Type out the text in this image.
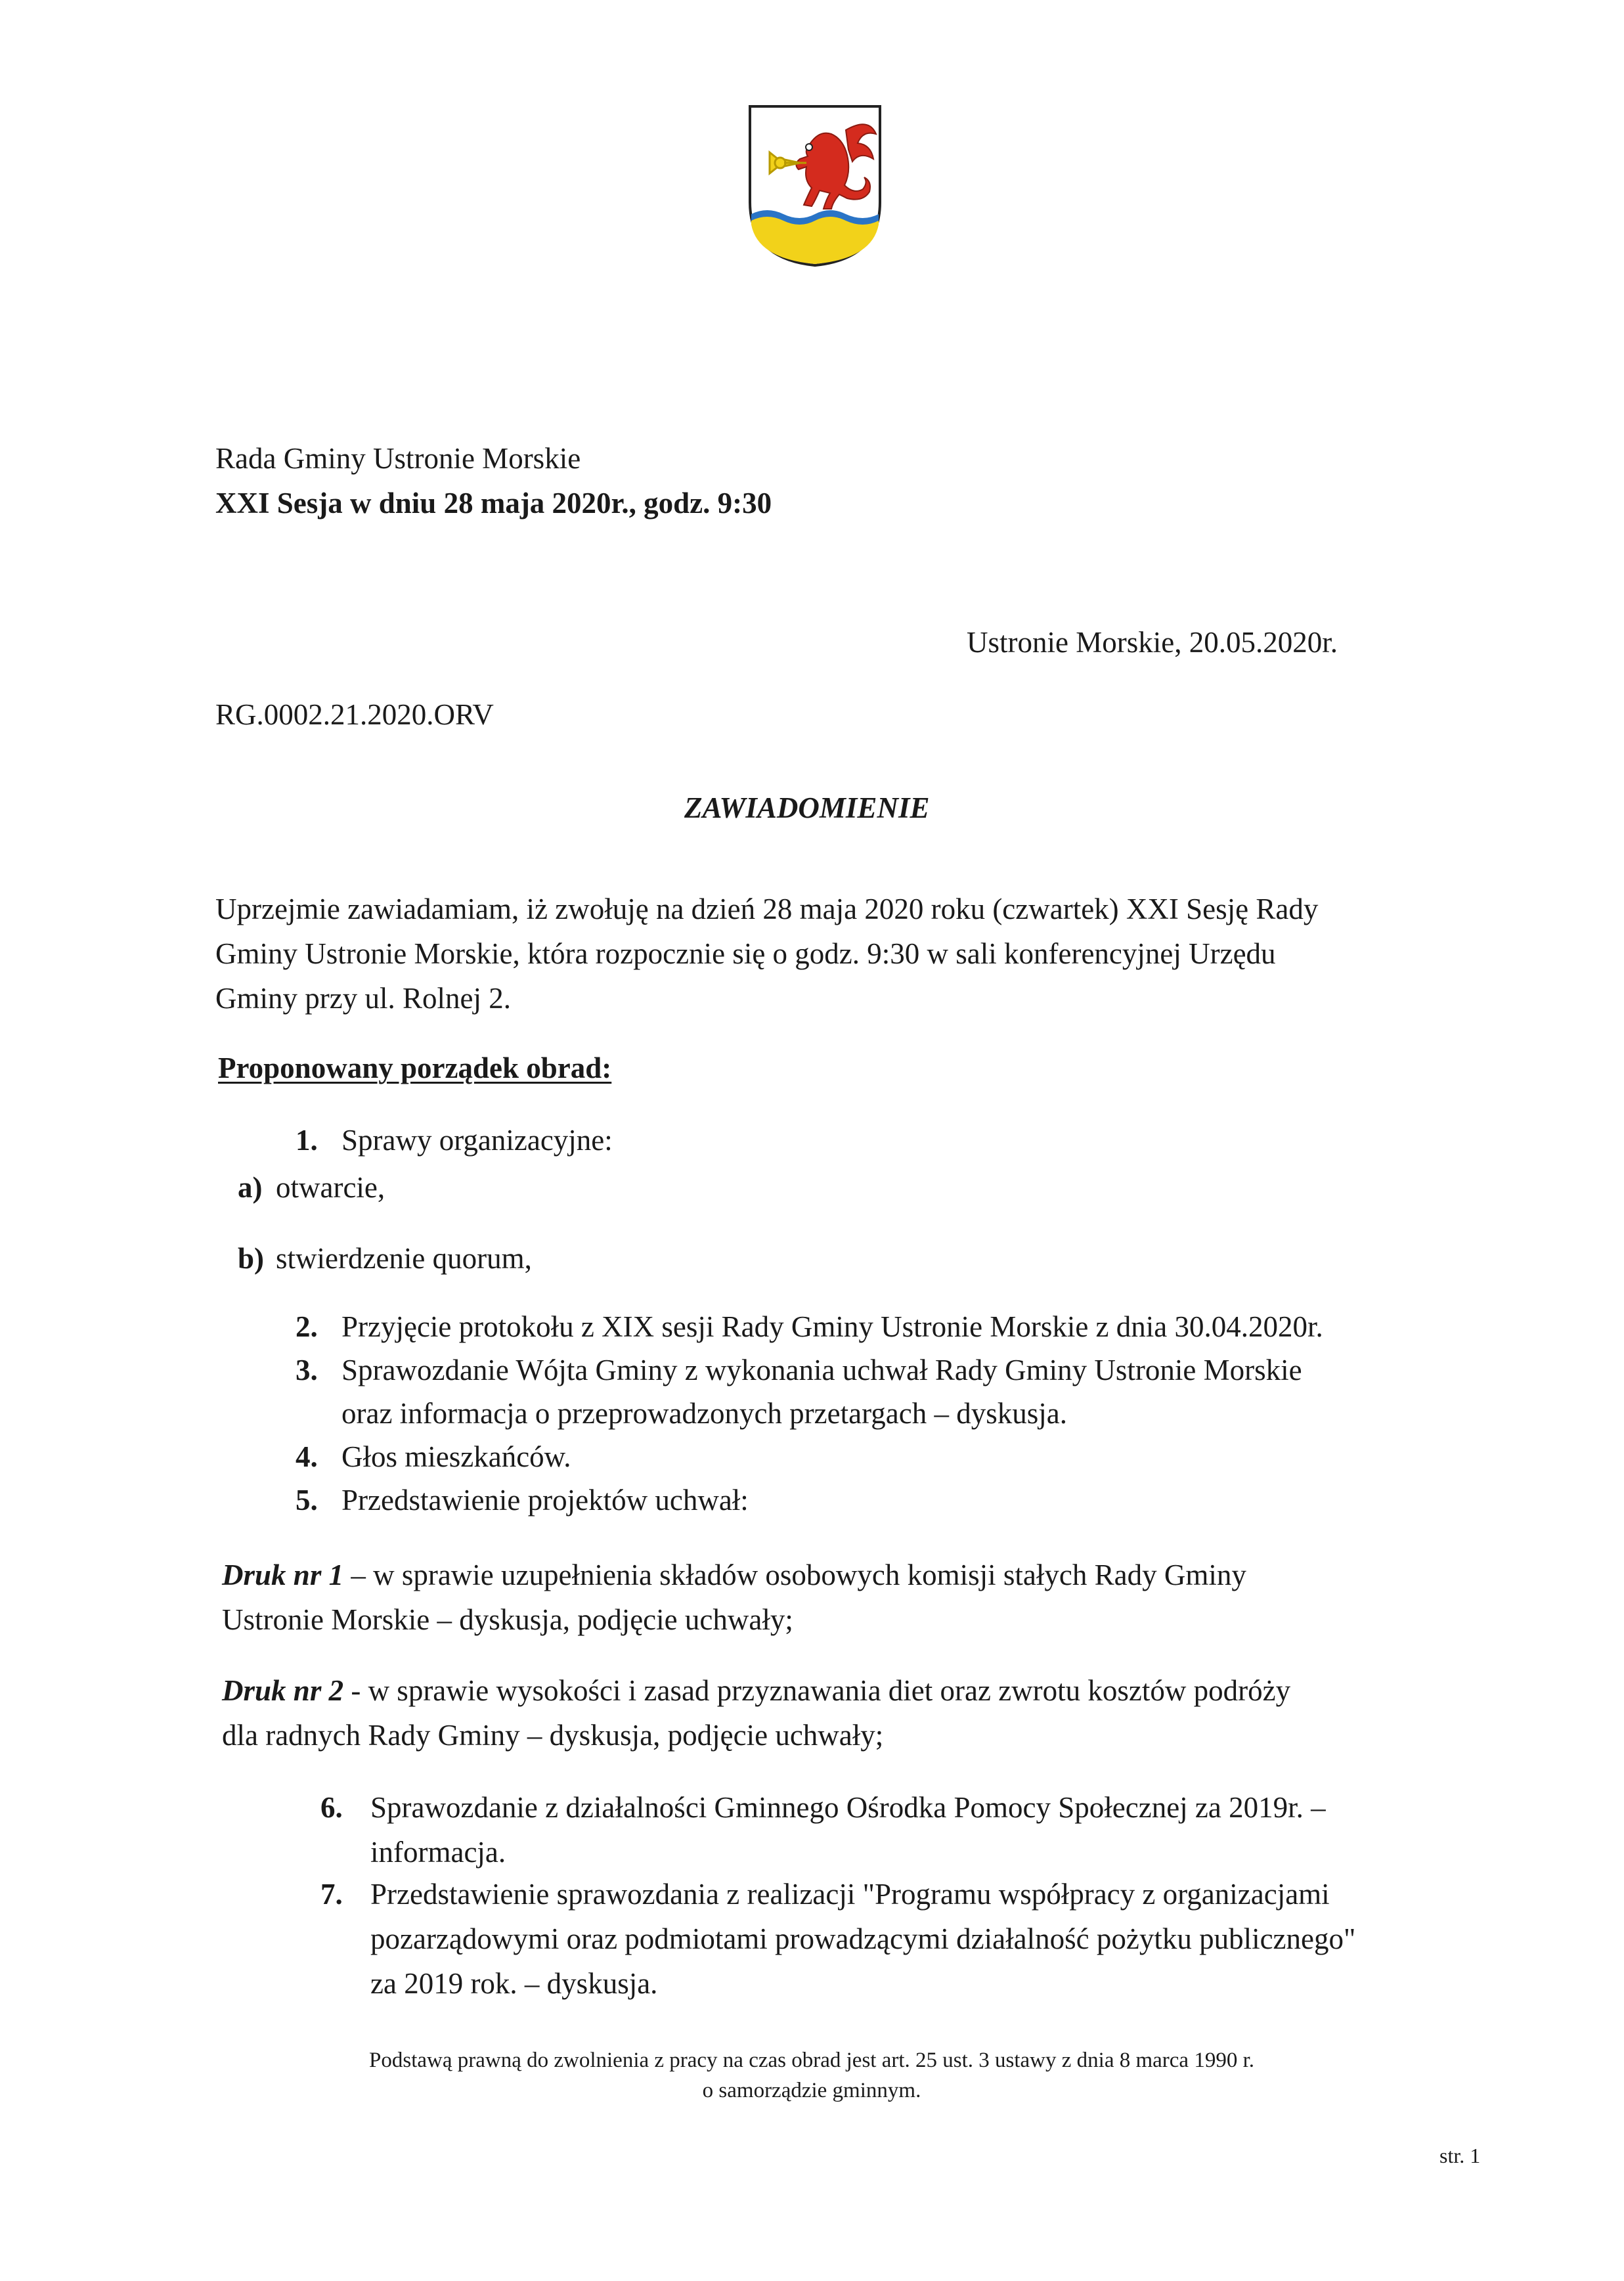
Rada Gminy Ustronie Morskie
XXI Sesja w dniu 28 maja 2020r., godz. 9:30
Ustronie Morskie, 20.05.2020r.
RG.0002.21.2020.ORV
ZAWIADOMIENIE
Uprzejmie zawiadamiam, iż zwołuję na dzień 28 maja 2020 roku (czwartek) XXI Sesję Rady
Gminy Ustronie Morskie, która rozpocznie się o godz. 9:30 w sali konferencyjnej Urzędu
Gminy przy ul. Rolnej 2.
Proponowany porządek obrad:
1. Sprawy organizacyjne:
a) otwarcie,
b) stwierdzenie quorum,
2. Przyjęcie protokołu z XIX sesji Rady Gminy Ustronie Morskie z dnia 30.04.2020r.
3. Sprawozdanie Wójta Gminy z wykonania uchwał Rady Gminy Ustronie Morskie
oraz informacja o przeprowadzonych przetargach – dyskusja.
4. Głos mieszkańców.
5. Przedstawienie projektów uchwał:
Druk nr 1 – w sprawie uzupełnienia składów osobowych komisji stałych Rady Gminy
Ustronie Morskie – dyskusja, podjęcie uchwały;
Druk nr 2 - w sprawie wysokości i zasad przyznawania diet oraz zwrotu kosztów podróży
dla radnych Rady Gminy – dyskusja, podjęcie uchwały;
6. Sprawozdanie z działalności Gminnego Ośrodka Pomocy Społecznej za 2019r. –
informacja.
7. Przedstawienie sprawozdania z realizacji "Programu współpracy z organizacjami
pozarządowymi oraz podmiotami prowadzącymi działalność pożytku publicznego"
za 2019 rok. – dyskusja.
Podstawą prawną do zwolnienia z pracy na czas obrad jest art. 25 ust. 3 ustawy z dnia 8 marca 1990 r.
o samorządzie gminnym.
str. 1
